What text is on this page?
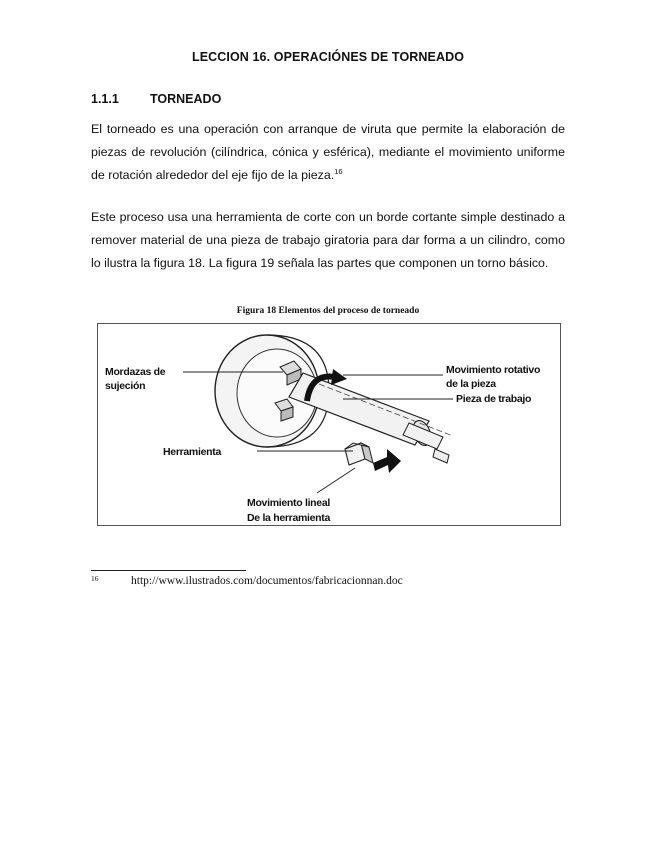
LECCION 16. OPERACIÓNES DE TORNEADO
1.1.1 TORNEADO
El torneado es una operación con arranque de viruta que permite la elaboración de piezas de revolución (cilíndrica, cónica y esférica), mediante el movimiento uniforme de rotación alrededor del eje fijo de la pieza.$^{16}$
Este proceso usa una herramienta de corte con un borde cortante simple destinado a remover material de una pieza de trabajo giratoria para dar forma a un cilindro, como lo ilustra la figura 18. La figura 19 señala las partes que componen un torno básico.
Figura 18 Elementos del proceso de torneado
Mordazas de
sujeción
Movimiento rotativo
de la pieza
Pieza de trabajo
Herramienta
Movimiento lineal
De la herramienta
16	http://www.ilustrados.com/documentos/fabricacionnan.doc
